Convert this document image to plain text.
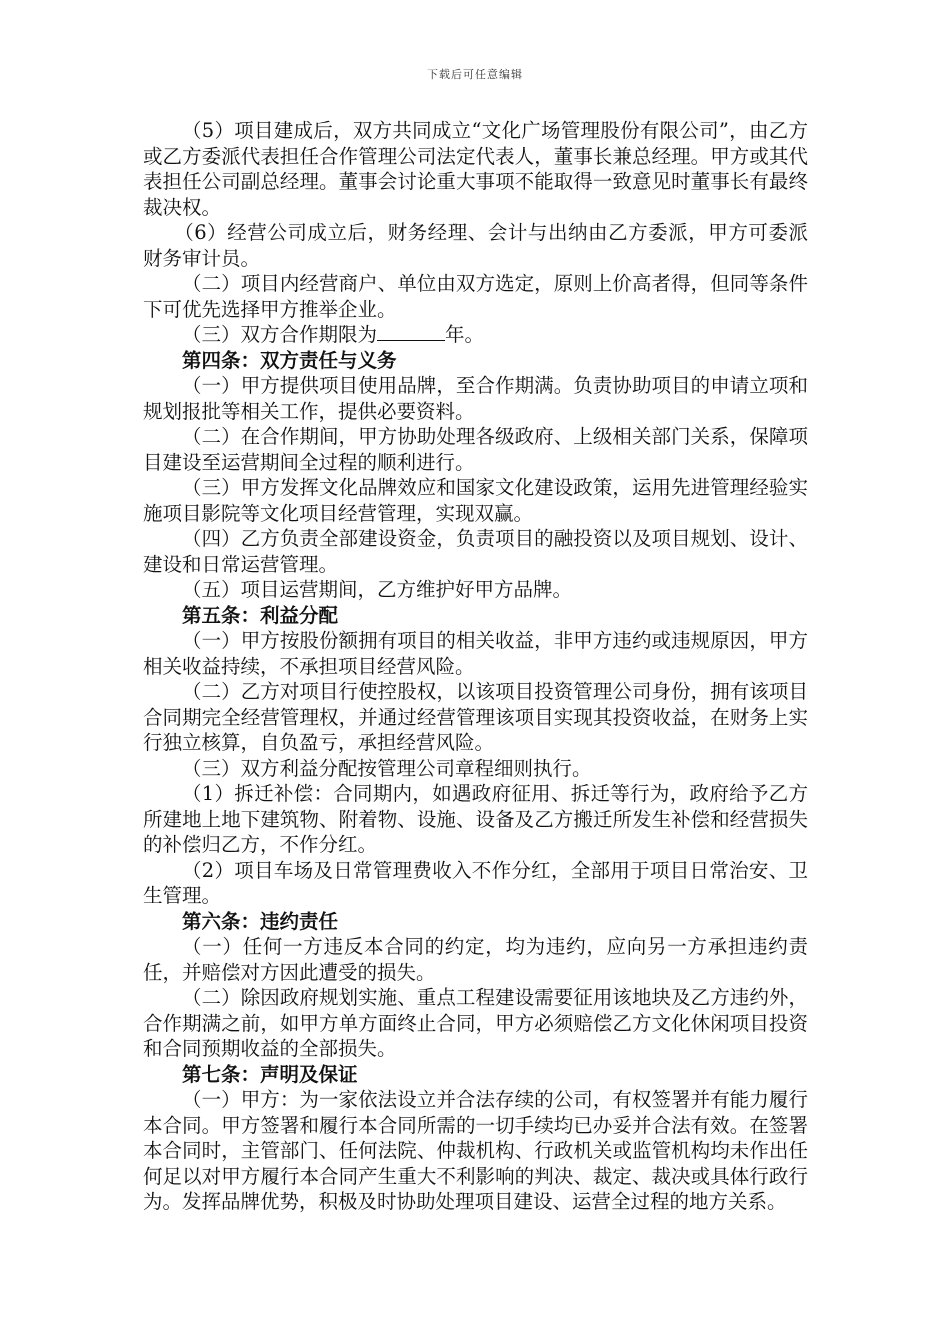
下载后可任意编辑

（5）项目建成后，双方共同成立“文化广场管理股份有限公司”，由乙方或乙方委派代表担任合作管理公司法定代表人，董事长兼总经理。甲方或其代表担任公司副总经理。董事会讨论重大事项不能取得一致意见时董事长有最终裁决权。

（6）经营公司成立后，财务经理、会计与出纳由乙方委派，甲方可委派财务审计员。

（二）项目内经营商户、单位由双方选定，原则上价高者得，但同等条件下可优先选择甲方推举企业。

（三）双方合作期限为	年。

第四条：双方责任与义务

（一）甲方提供项目使用品牌，至合作期满。负责协助项目的申请立项和规划报批等相关工作，提供必要资料。

（二）在合作期间，甲方协助处理各级政府、上级相关部门关系，保障项目建设至运营期间全过程的顺利进行。

（三）甲方发挥文化品牌效应和国家文化建设政策，运用先进管理经验实施项目影院等文化项目经营管理，实现双赢。

（四）乙方负责全部建设资金，负责项目的融投资以及项目规划、设计、建设和日常运营管理。

（五）项目运营期间，乙方维护好甲方品牌。

第五条：利益分配

（一）甲方按股份额拥有项目的相关收益，非甲方违约或违规原因，甲方相关收益持续，不承担项目经营风险。

（二）乙方对项目行使控股权，以该项目投资管理公司身份，拥有该项目合同期完全经营管理权，并通过经营管理该项目实现其投资收益，在财务上实行独立核算，自负盈亏，承担经营风险。

（三）双方利益分配按管理公司章程细则执行。

（1）拆迁补偿：合同期内，如遇政府征用、拆迁等行为，政府给予乙方所建地上地下建筑物、附着物、设施、设备及乙方搬迁所发生补偿和经营损失的补偿归乙方，不作分红。

（2）项目车场及日常管理费收入不作分红，全部用于项目日常治安、卫生管理。

第六条：违约责任

（一）任何一方违反本合同的约定，均为违约，应向另一方承担违约责任，并赔偿对方因此遭受的损失。

（二）除因政府规划实施、重点工程建设需要征用该地块及乙方违约外，合作期满之前，如甲方单方面终止合同，甲方必须赔偿乙方文化休闲项目投资和合同预期收益的全部损失。

第七条：声明及保证

（一）甲方：为一家依法设立并合法存续的公司，有权签署并有能力履行本合同。甲方签署和履行本合同所需的一切手续均已办妥并合法有效。在签署本合同时，主管部门、任何法院、仲裁机构、行政机关或监管机构均未作出任何足以对甲方履行本合同产生重大不利影响的判决、裁定、裁决或具体行政行为。发挥品牌优势，积极及时协助处理项目建设、运营全过程的地方关系。
